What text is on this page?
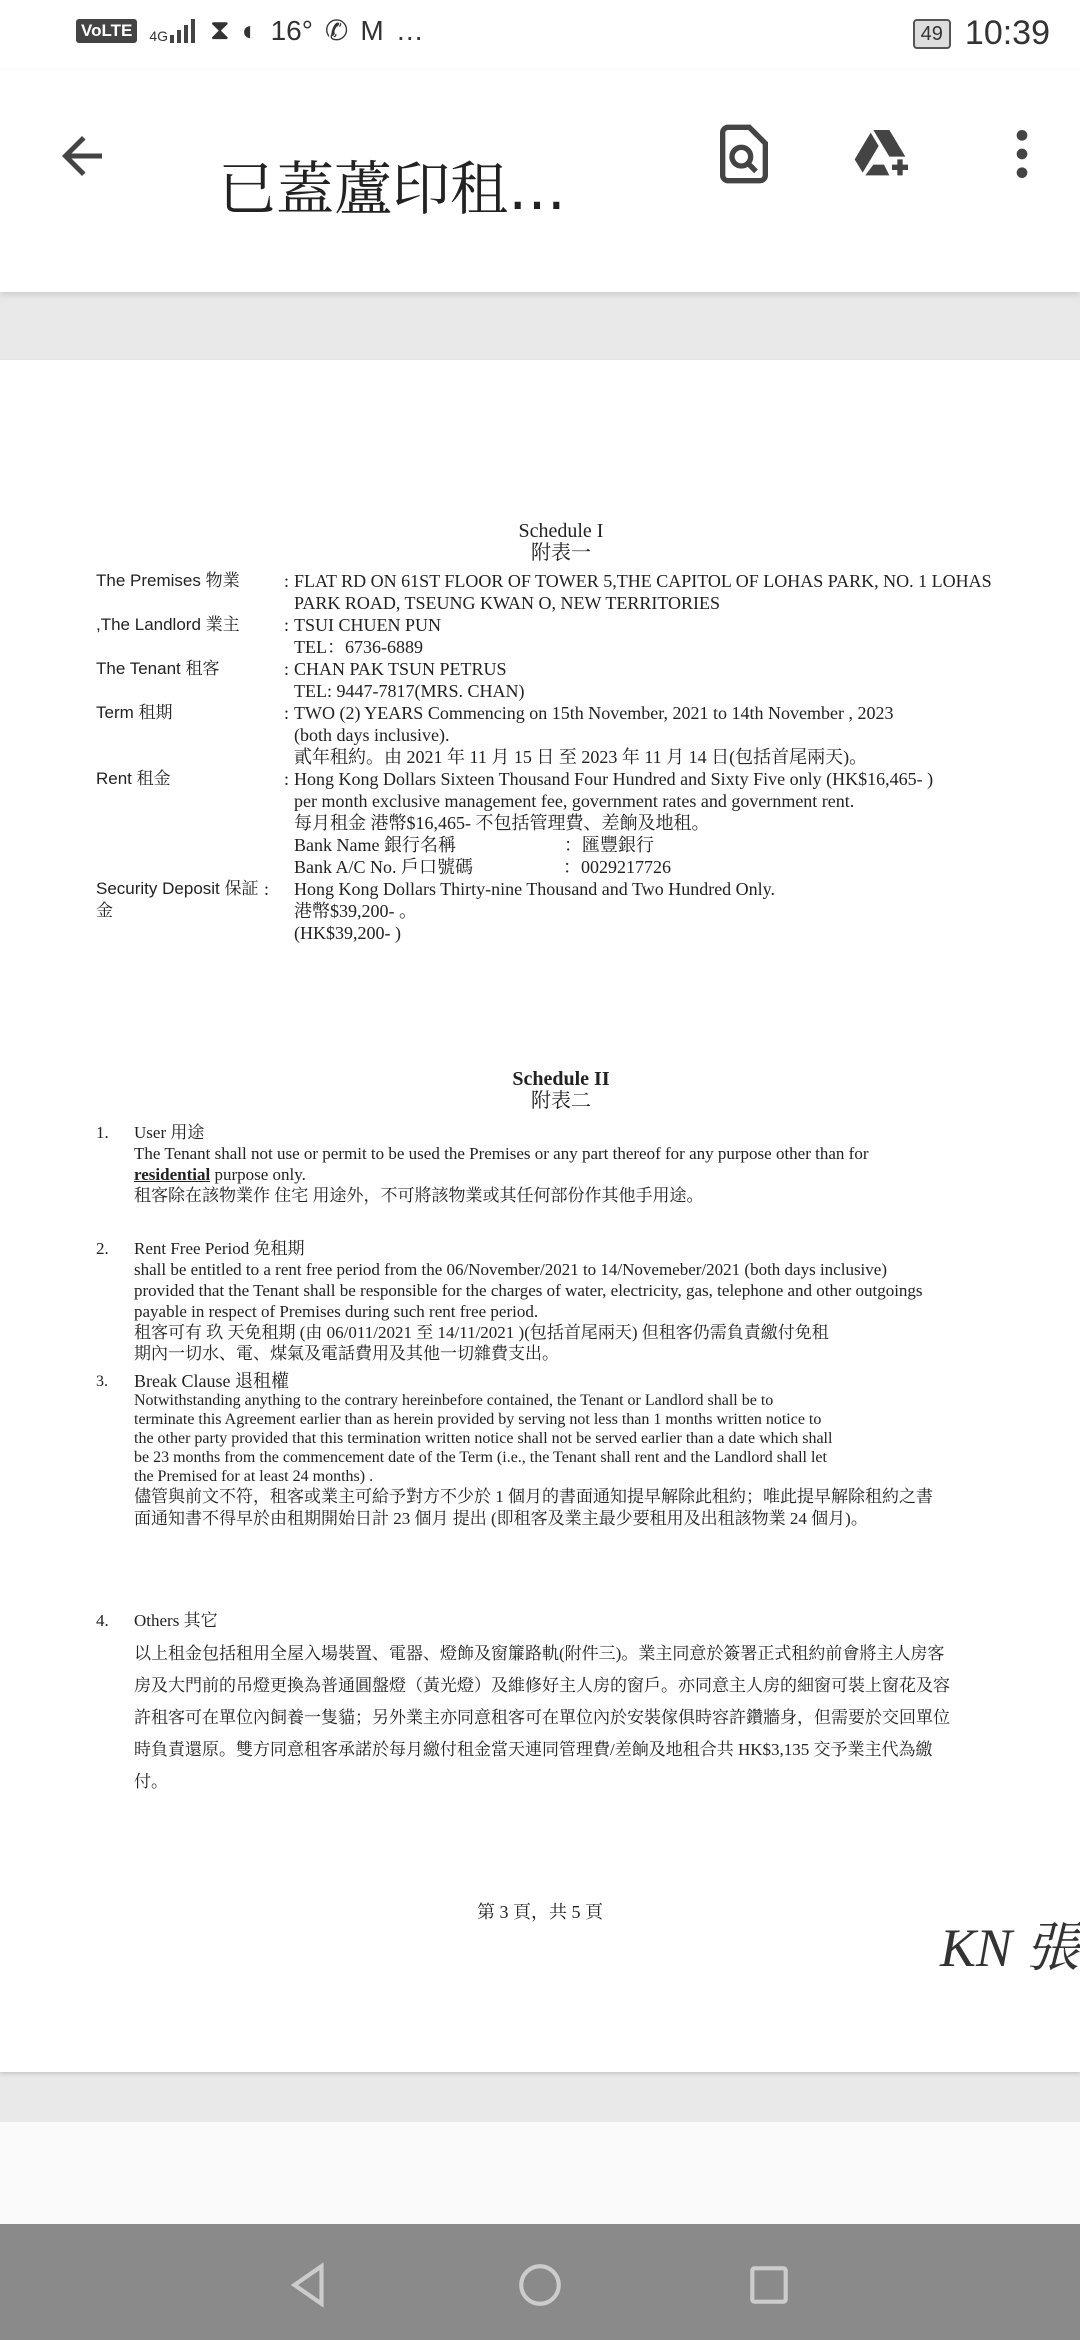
VoLTE	4G ⧗ ◐ 16° ✆ M …	49 10:39
已蓋蘆印租…
Schedule I
附表一
The Premises 物業	: FLAT RD ON 61ST FLOOR OF TOWER 5,THE CAPITOL OF LOHAS PARK, NO. 1 LOHAS
PARK ROAD, TSEUNG KWAN O, NEW TERRITORIES
,The Landlord 業主	: TSUI CHUEN PUN
TEL：6736-6889
The Tenant 租客	: CHAN PAK TSUN PETRUS
TEL: 9447-7817(MRS. CHAN)
Term 租期	: TWO (2) YEARS Commencing on 15th November, 2021 to 14th November , 2023
(both days inclusive).
貳年租約。由 2021 年 11 月 15 日 至 2023 年 11 月 14 日(包括首尾兩天)。
Rent 租金	: Hong Kong Dollars Sixteen Thousand Four Hundred and Sixty Five only (HK$16,465- )
per month exclusive management fee, government rates and government rent.
每月租金 港幣$16,465- 不包括管理費、差餉及地租。
Bank Name 銀行名稱　　　　　　：匯豐銀行
Bank A/C No. 戶口號碼　　　　　：0029217726
Security Deposit 保証金
:	Hong Kong Dollars Thirty-nine Thousand and Two Hundred Only.
港幣$39,200- 。
(HK$39,200- )
Schedule II
附表二
1. User 用途
The Tenant shall not use or permit to be used the Premises or any part thereof for any purpose other than for
residential purpose only.
租客除在該物業作 住宅 用途外，不可將該物業或其任何部份作其他手用途。
2. Rent Free Period 免租期
shall be entitled to a rent free period from the 06/November/2021 to 14/Novemeber/2021 (both days inclusive)
provided that the Tenant shall be responsible for the charges of water, electricity, gas, telephone and other outgoings
payable in respect of Premises during such rent free period.
租客可有 玖 天免租期 (由 06/011/2021 至 14/11/2021 )(包括首尾兩天) 但租客仍需負責繳付免租
期內一切水、電、煤氣及電話費用及其他一切雜費支出。
3. Break Clause 退租權
Notwithstanding anything to the contrary hereinbefore contained, the Tenant or Landlord shall be to
terminate this Agreement earlier than as herein provided by serving not less than 1 months written notice to
the other party provided that this termination written notice shall not be served earlier than a date which shall
be 23 months from the commencement date of the Term (i.e., the Tenant shall rent and the Landlord shall let
the Premised for at least 24 months) .
儘管與前文不符，租客或業主可給予對方不少於 1 個月的書面通知提早解除此租約；唯此提早解除租約之書
面通知書不得早於由租期開始日計 23 個月 提出 (即租客及業主最少要租用及出租該物業 24 個月)。
4. Others 其它
以上租金包括租用全屋入場裝置、電器、燈飾及窗簾路軌(附件三)。業主同意於簽署正式租約前會將主人房客
房及大門前的吊燈更換為普通圓盤燈（黃光燈）及維修好主人房的窗戶。亦同意主人房的細窗可裝上窗花及容
許租客可在單位內飼養一隻貓；另外業主亦同意租客可在單位內於安裝傢俱時容許鑽牆身，但需要於交回單位
時負責還原。雙方同意租客承諾於每月繳付租金當天連同管理費/差餉及地租合共 HK$3,135 交予業主代為繳
付。
第 3 頁，共 5 頁
KN 張
